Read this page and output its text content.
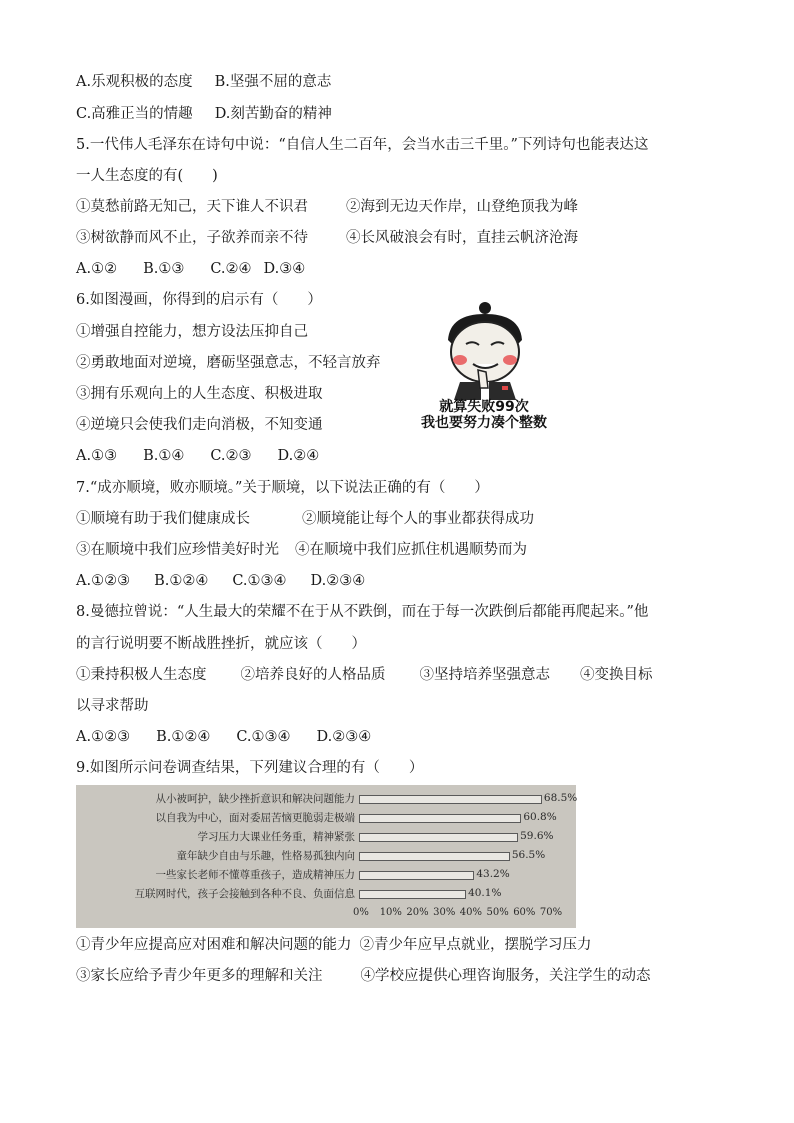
A.乐观积极的态度 B.坚强不屈的意志
C.高雅正当的情趣 D.刻苦勤奋的精神
5.一代伟人毛泽东在诗句中说：“自信人生二百年，会当水击三千里。”下列诗句也能表达这
一人生态度的有(　　)
①莫愁前路无知己，天下谁人不识君	②海到无边天作岸，山登绝顶我为峰
③树欲静而风不止，子欲养而亲不待	④长风破浪会有时，直挂云帆济沧海
A.①② B.①③ C.②④ D.③④
6.如图漫画，你得到的启示有（　　）
①增强自控能力，想方设法压抑自己
②勇敢地面对逆境，磨砺坚强意志，不轻言放弃
③拥有乐观向上的人生态度、积极进取
④逆境只会使我们走向消极，不知变通
A.①③ B.①④ C.②③ D.②④
就算失败99次
我也要努力凑个整数
7.“成亦顺境，败亦顺境。”关于顺境，以下说法正确的有（　　）
①顺境有助于我们健康成长	②顺境能让每个人的事业都获得成功
③在顺境中我们应珍惜美好时光 ④在顺境中我们应抓住机遇顺势而为
A.①②③ B.①②④ C.①③④ D.②③④
8.曼德拉曾说：“人生最大的荣耀不在于从不跌倒，而在于每一次跌倒后都能再爬起来。”他
的言行说明要不断战胜挫折，就应该（　　）
①秉持积极人生态度 ②培养良好的人格品质 ③坚持培养坚强意志 ④变换目标
以寻求帮助
A.①②③ B.①②④ C.①③④ D.②③④
9.如图所示问卷调查结果，下列建议合理的有（　　）
从小被呵护，缺少挫折意识和解决问题能力	68.5%
以自我为中心，面对委屈苦恼更脆弱走极端	60.8%
学习压力大课业任务重，精神紧张	59.6%
童年缺少自由与乐趣，性格易孤独内向	56.5%
一些家长老师不懂尊重孩子，造成精神压力	43.2%
互联网时代，孩子会接触到各种不良、负面信息	40.1%
0% 10% 20% 30% 40% 50% 60% 70%
①青少年应提高应对困难和解决问题的能力 ②青少年应早点就业，摆脱学习压力
③家长应给予青少年更多的理解和关注	④学校应提供心理咨询服务，关注学生的动态
